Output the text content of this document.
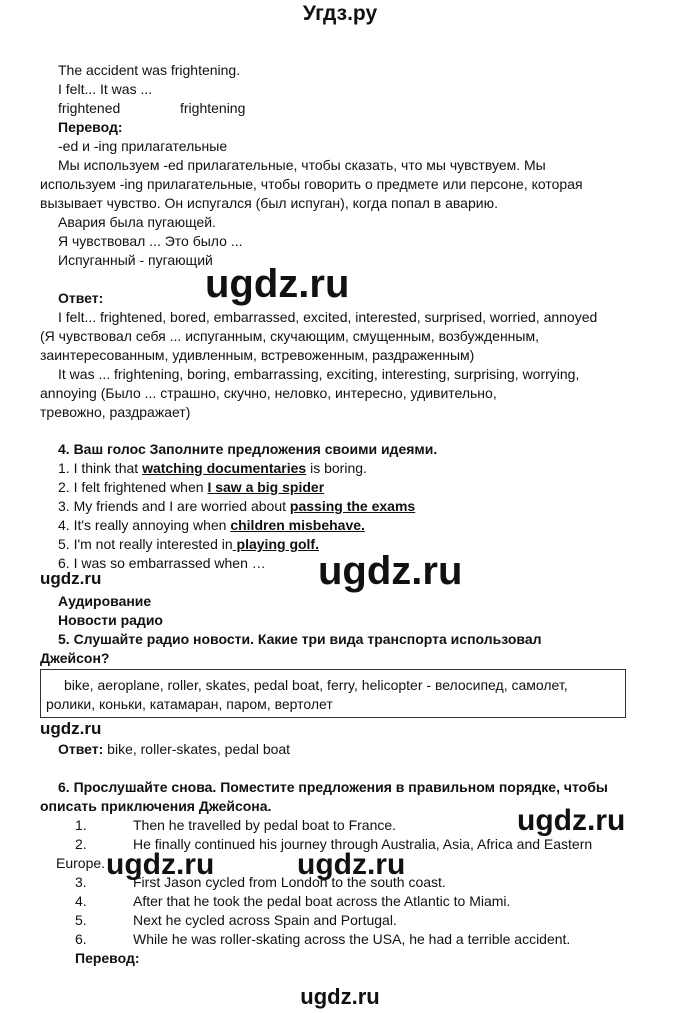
Угдз.ру
The accident was frightening.
I felt... It was ...
frightened	frightening
Перевод:
-ed и -ing прилагательные
Мы используем -ed прилагательные, чтобы сказать, что мы чувствуем. Мы
используем -ing прилагательные, чтобы говорить о предмете или персоне, которая
вызывает чувство. Он испугался (был испуган), когда попал в аварию.
Авария была пугающей.
Я чувствовал ... Это было ...
Испуганный - пугающий
ugdz.ru
Ответ:
I felt... frightened, bored, embarrassed, excited, interested, surprised, worried, annoyed
(Я чувствовал себя ... испуганным, скучающим, смущенным, возбужденным,
заинтересованным, удивленным, встревоженным, раздраженным)
It was ... frightening, boring, embarrassing, exciting, interesting, surprising, worrying,
annoying (Было ... страшно, скучно, неловко, интересно, удивительно,
тревожно, раздражает)
4. Ваш голос Заполните предложения своими идеями.
1. I think that watching documentaries is boring.
2. I felt frightened when I saw a big spider
3. My friends and I are worried about passing the exams
4. It's really annoying when children misbehave.
5. I'm not really interested in playing golf.
6. I was so embarrassed when … ugdz.ru
ugdz.ru
Аудирование
Новости радио
5. Слушайте радио новости. Какие три вида транспорта использовал
Джейсон?
bike, aeroplane, roller, skates, pedal boat, ferry, helicopter - велосипед, самолет,
ролики, коньки, катамаран, паром, вертолет
ugdz.ru
Ответ: bike, roller-skates, pedal boat
6. Прослушайте снова. Поместите предложения в правильном порядке, чтобы
описать приключения Джейсона.	ugdz.ru
1.	Then he travelled by pedal boat to France.
2.	He finally continued his journey through Australia, Asia, Africa and Eastern
Europe. ugdz.ru	ugdz.ru
3.	First Jason cycled from London to the south coast.
4.	After that he took the pedal boat across the Atlantic to Miami.
5.	Next he cycled across Spain and Portugal.
6.	While he was roller-skating across the USA, he had a terrible accident.
Перевод:
ugdz.ru
